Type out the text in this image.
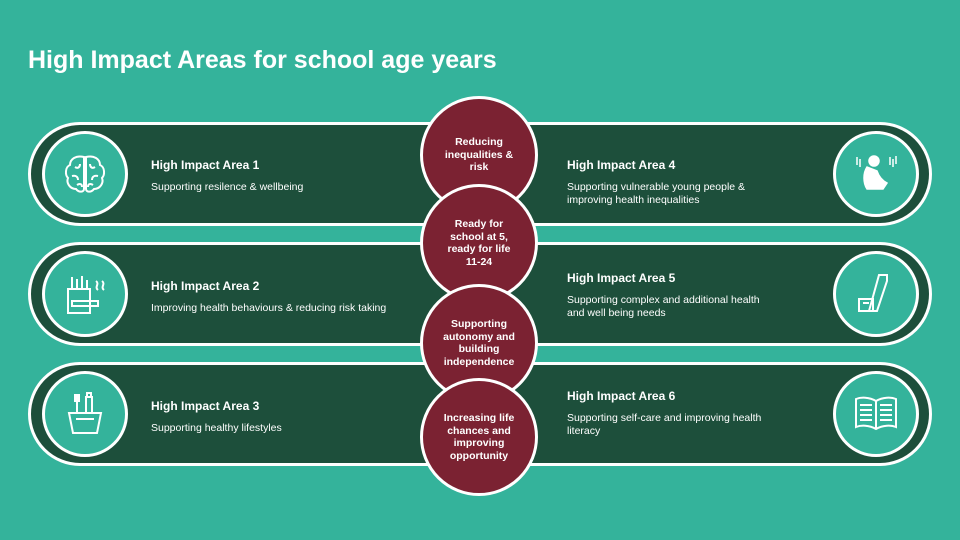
High Impact Areas for school age years
High Impact Area 1
Supporting resilence & wellbeing
High Impact Area 2
Improving health behaviours & reducing risk taking
High Impact Area 3
Supporting healthy lifestyles
High Impact Area 4
Supporting vulnerable young people & improving health inequalities
High Impact Area 5
Supporting complex and additional health and well being needs
High Impact Area 6
Supporting self-care and improving health literacy
Reducing inequalities & risk
Ready for school at 5, ready for life 11-24
Supporting autonomy and building independence
Increasing life chances and improving opportunity
